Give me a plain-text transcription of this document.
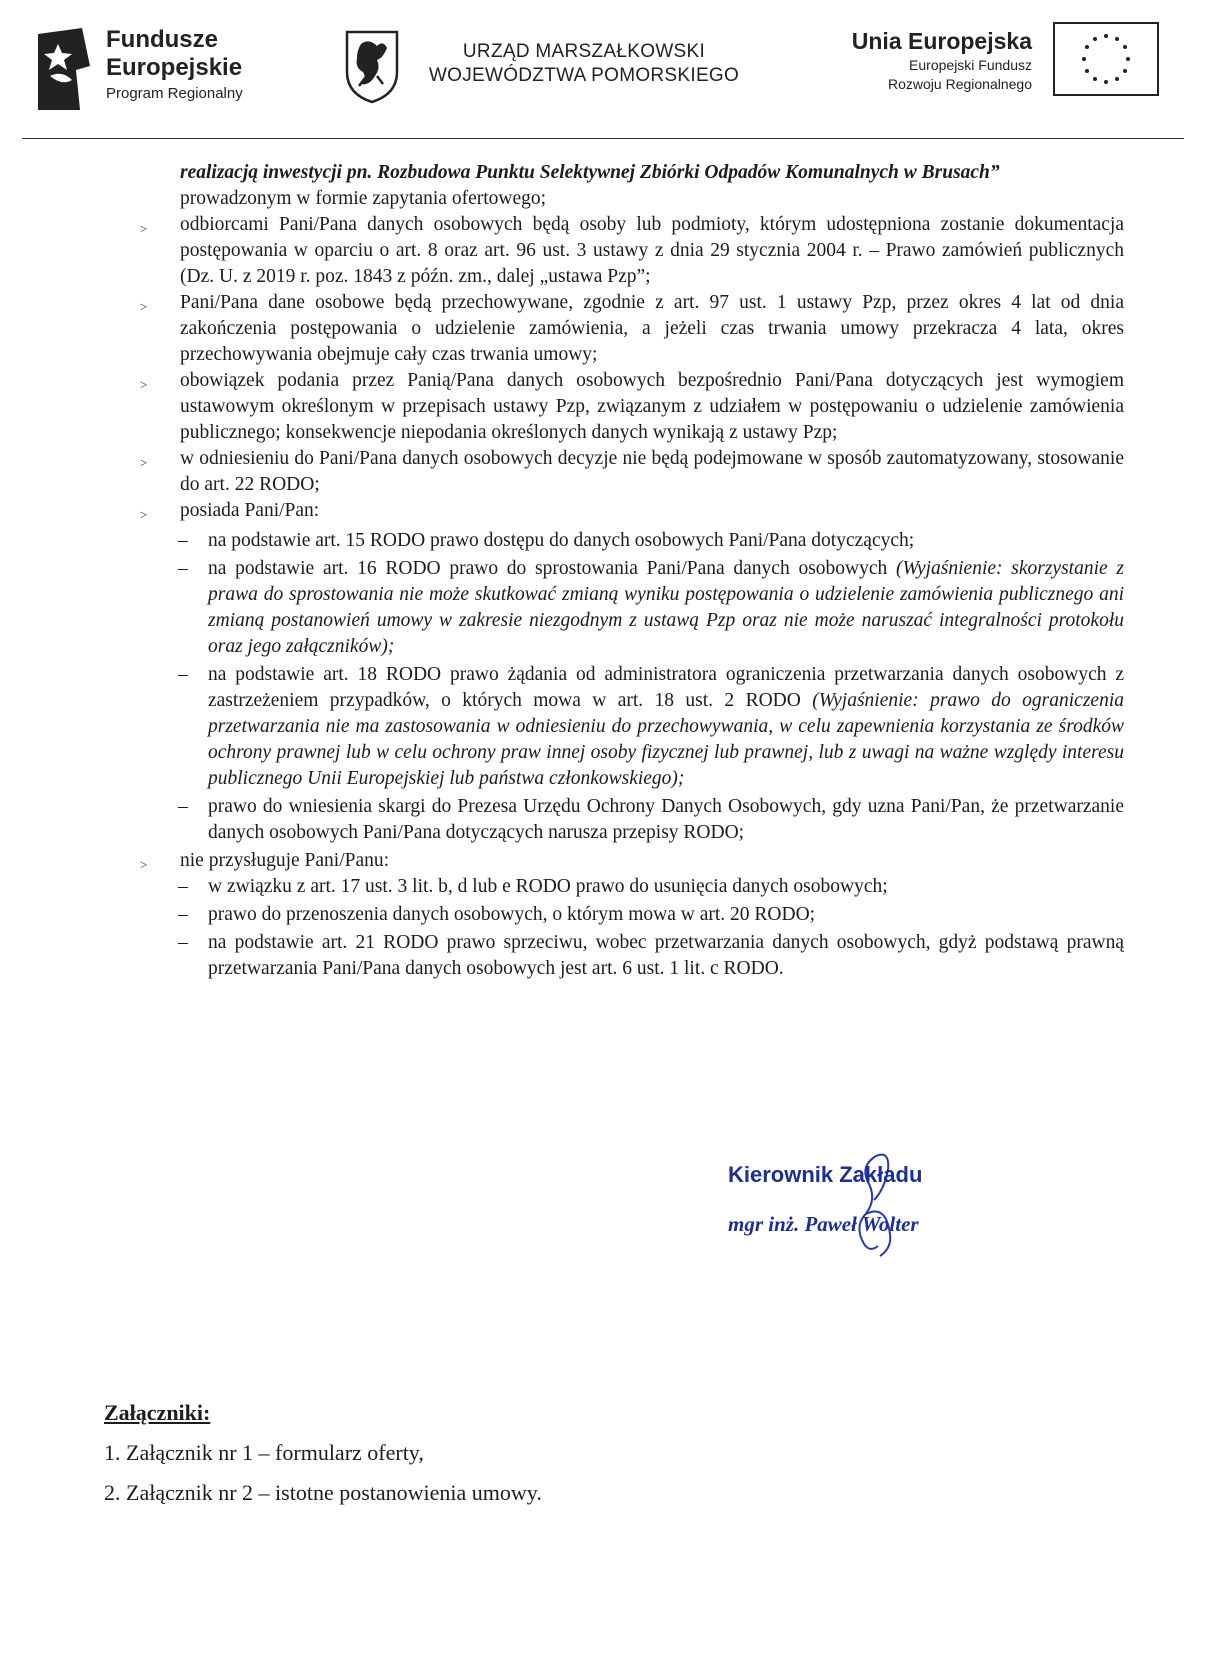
Fundusze
Europejskie
Program Regionalny
URZĄD MARSZAŁKOWSKI
WOJEWÓDZTWA POMORSKIEGO
Unia Europejska
Europejski Fundusz
Rozwoju Regionalnego

realizacją inwestycji pn. Rozbudowa Punktu Selektywnej Zbiórki Odpadów Komunalnych w Brusach”
prowadzonym w formie zapytania ofertowego;

> odbiorcami Pani/Pana danych osobowych będą osoby lub podmioty, którym udostępniona zostanie dokumentacja postępowania w oparciu o art. 8 oraz art. 96 ust. 3 ustawy z dnia 29 stycznia 2004 r. – Prawo zamówień publicznych (Dz. U. z 2019 r. poz. 1843 z późn. zm., dalej „ustawa Pzp”;

> Pani/Pana dane osobowe będą przechowywane, zgodnie z art. 97 ust. 1 ustawy Pzp, przez okres 4 lat od dnia zakończenia postępowania o udzielenie zamówienia, a jeżeli czas trwania umowy przekracza 4 lata, okres przechowywania obejmuje cały czas trwania umowy;

> obowiązek podania przez Panią/Pana danych osobowych bezpośrednio Pani/Pana dotyczących jest wymogiem ustawowym określonym w przepisach ustawy Pzp, związanym z udziałem w postępowaniu o udzielenie zamówienia publicznego; konsekwencje niepodania określonych danych wynikają z ustawy Pzp;

> w odniesieniu do Pani/Pana danych osobowych decyzje nie będą podejmowane w sposób zautomatyzowany, stosowanie do art. 22 RODO;

> posiada Pani/Pan:

– na podstawie art. 15 RODO prawo dostępu do danych osobowych Pani/Pana dotyczących;

– na podstawie art. 16 RODO prawo do sprostowania Pani/Pana danych osobowych (Wyjaśnienie: skorzystanie z prawa do sprostowania nie może skutkować zmianą wyniku postępowania o udzielenie zamówienia publicznego ani zmianą postanowień umowy w zakresie niezgodnym z ustawą Pzp oraz nie może naruszać integralności protokołu oraz jego załączników);

– na podstawie art. 18 RODO prawo żądania od administratora ograniczenia przetwarzania danych osobowych z zastrzeżeniem przypadków, o których mowa w art. 18 ust. 2 RODO (Wyjaśnienie: prawo do ograniczenia przetwarzania nie ma zastosowania w odniesieniu do przechowywania, w celu zapewnienia korzystania ze środków ochrony prawnej lub w celu ochrony praw innej osoby fizycznej lub prawnej, lub z uwagi na ważne względy interesu publicznego Unii Europejskiej lub państwa członkowskiego);

– prawo do wniesienia skargi do Prezesa Urzędu Ochrony Danych Osobowych, gdy uzna Pani/Pan, że przetwarzanie danych osobowych Pani/Pana dotyczących narusza przepisy RODO;

> nie przysługuje Pani/Panu:

– w związku z art. 17 ust. 3 lit. b, d lub e RODO prawo do usunięcia danych osobowych;

– prawo do przenoszenia danych osobowych, o którym mowa w art. 20 RODO;

– na podstawie art. 21 RODO prawo sprzeciwu, wobec przetwarzania danych osobowych, gdyż podstawą prawną przetwarzania Pani/Pana danych osobowych jest art. 6 ust. 1 lit. c RODO.

Kierownik Zakładu
mgr inż. Paweł Wolter
Załączniki:
1. Załącznik nr 1 – formularz oferty,
2. Załącznik nr 2 – istotne postanowienia umowy.
